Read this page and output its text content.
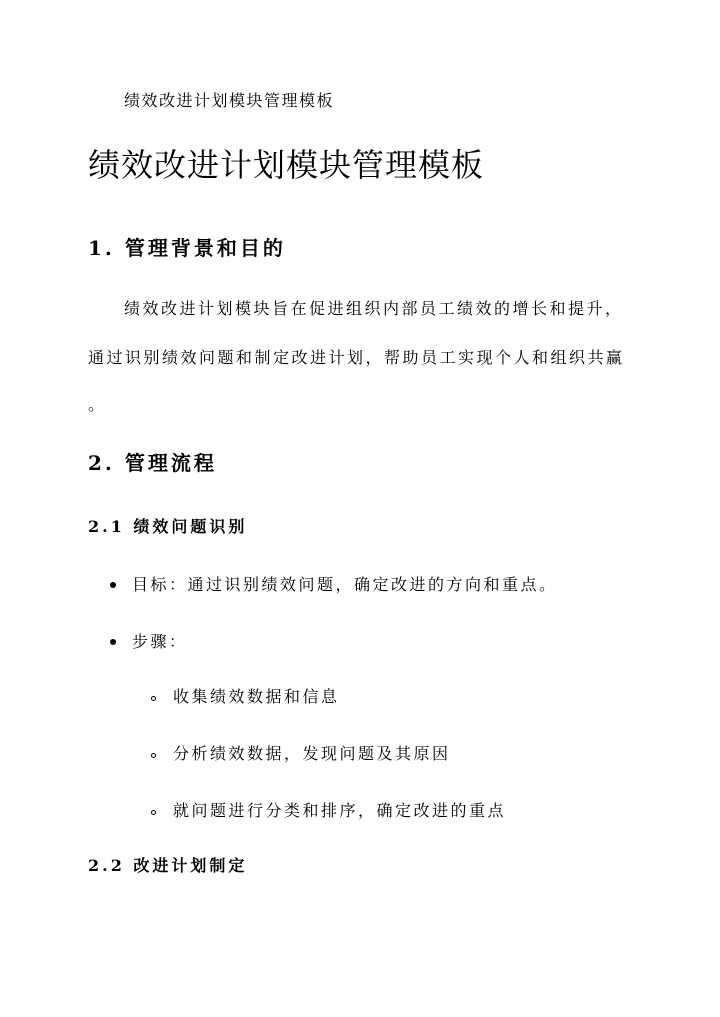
绩效改进计划模块管理模板
绩效改进计划模块管理模板
1. 管理背景和目的
绩效改进计划模块旨在促进组织内部员工绩效的增长和提升，
通过识别绩效问题和制定改进计划，帮助员工实现个人和组织共赢
。
2. 管理流程
2.1 绩效问题识别
目标：通过识别绩效问题，确定改进的方向和重点。
步骤：
收集绩效数据和信息
分析绩效数据，发现问题及其原因
就问题进行分类和排序，确定改进的重点
2.2 改进计划制定
